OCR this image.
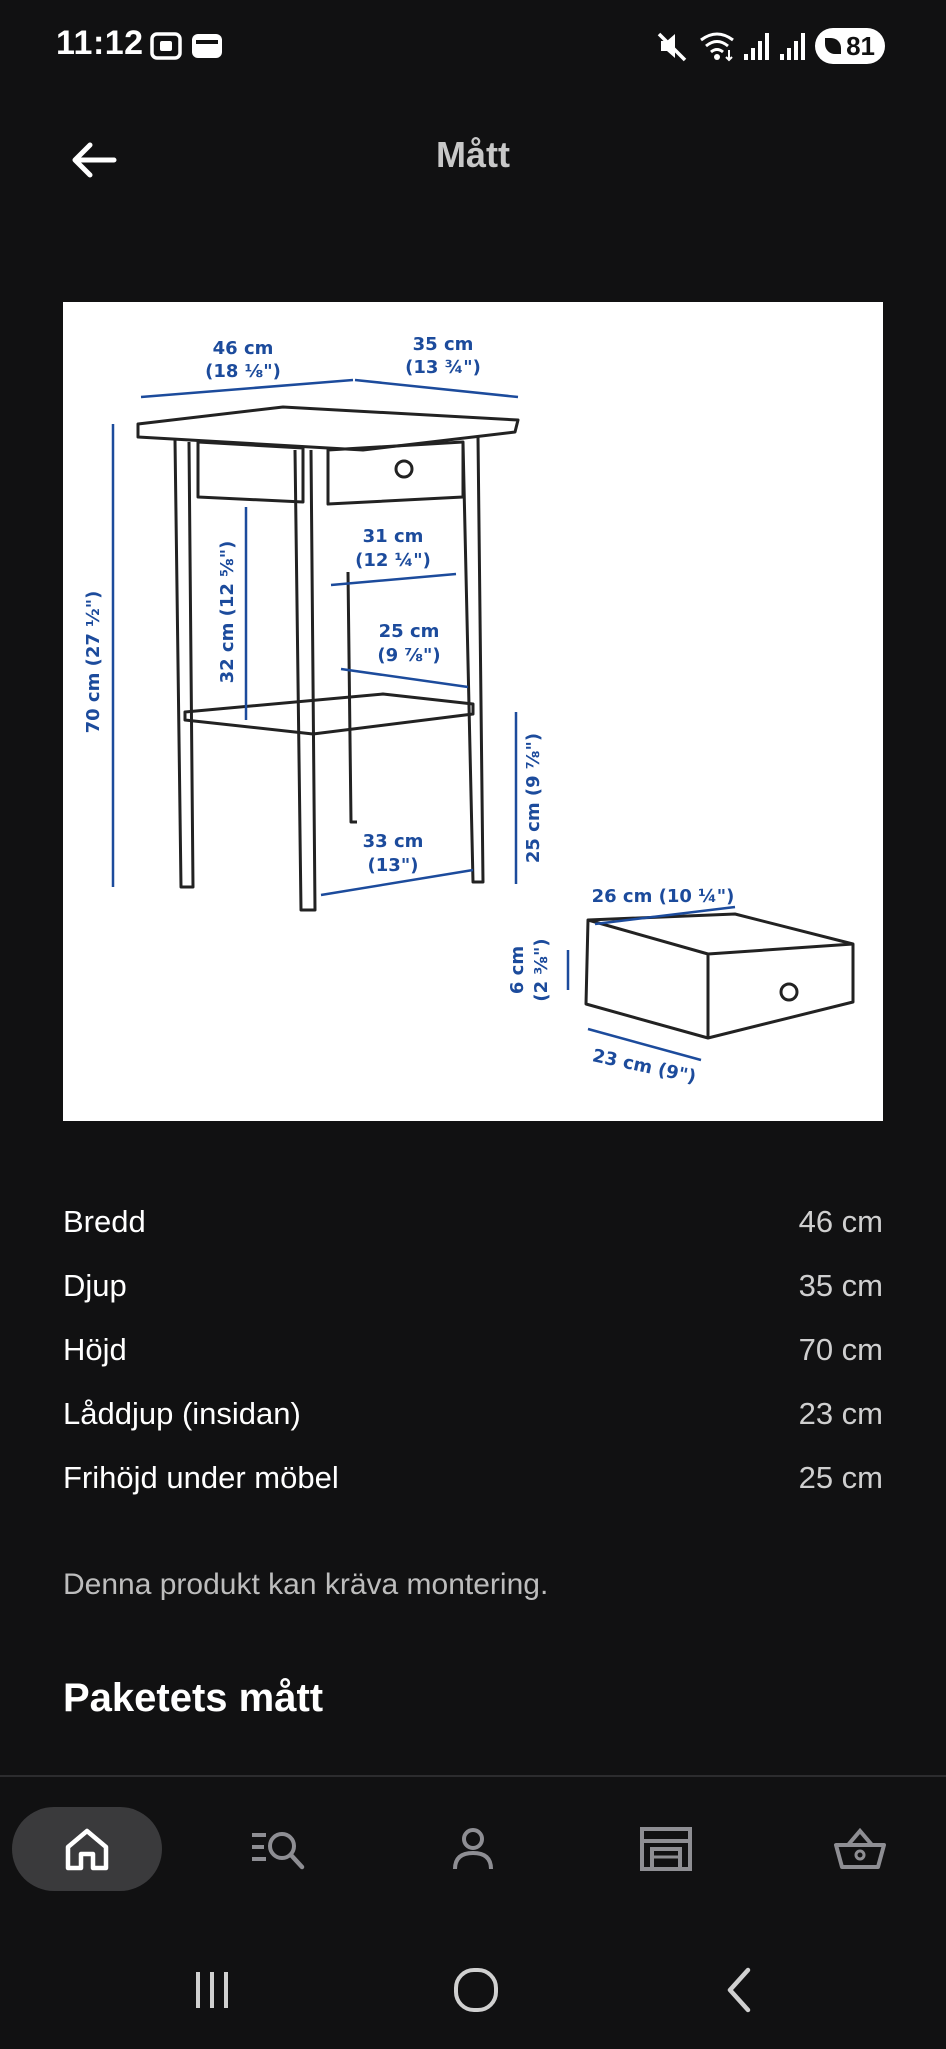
11:12	81
Mått
46 cm
(18 ⅛")
35 cm
(13 ¾")
70 cm (27 ½")	32 cm (12 ⅝")
31 cm
(12 ¼")
25 cm
(9 ⅞")
25 cm (9 ⅞")
33 cm
(13")
26 cm (10 ¼")
6 cm (2 ⅜")
23 cm (9")
Bredd	46 cm
Djup	35 cm
Höjd	70 cm
Låddjup (insidan)	23 cm
Frihöjd under möbel	25 cm
Denna produkt kan kräva montering.
Paketets mått
